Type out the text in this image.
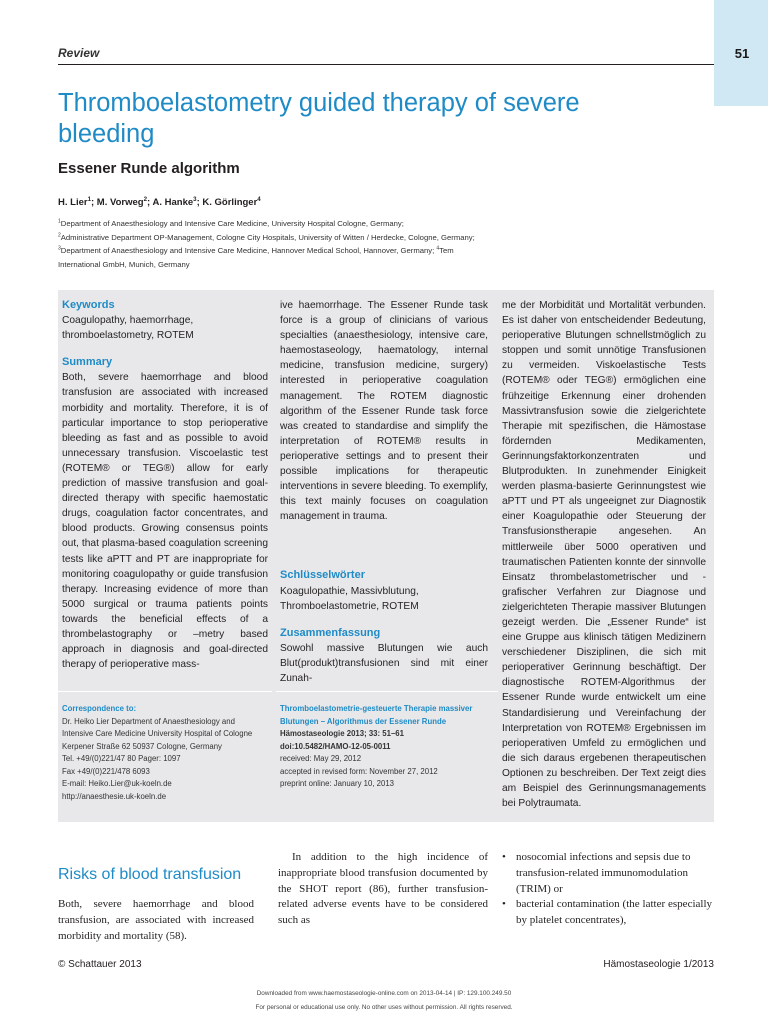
51
Review
Thromboelastometry guided therapy of severe bleeding
Essener Runde algorithm
H. Lier$^1$; M. Vorweg$^2$; A. Hanke$^3$; K. Görlinger$^4$
$^1$Department of Anaesthesiology and Intensive Care Medicine, University Hospital Cologne, Germany;
$^2$Administrative Department OP-Management, Cologne City Hospitals, University of Witten / Herdecke, Cologne, Germany; $^3$Department of Anaesthesiology and Intensive Care Medicine, Hannover Medical School, Hannover, Germany; $^4$Tem International GmbH, Munich, Germany
Keywords
Coagulopathy, haemorrhage, thromboelastometry, ROTEM
Summary
Both, severe haemorrhage and blood transfusion are associated with increased morbidity and mortality. Therefore, it is of particular importance to stop perioperative bleeding as fast and as possible to avoid unnecessary transfusion. Viscoelastic test (ROTEM® or TEG®) allow for early prediction of massive transfusion and goal-directed therapy with specific haemostatic drugs, coagulation factor concentrates, and blood products. Growing consensus points out, that plasma-based coagulation screening tests like aPTT and PT are inappropriate for monitoring coagulopathy or guide transfusion therapy. Increasing evidence of more than 5000 surgical or trauma patients points towards the beneficial effects of a thrombelastography or –metry based approach in diagnosis and goal-directed therapy of perioperative mass-
ive haemorrhage. The Essener Runde task force is a group of clinicians of various specialties (anaesthesiology, intensive care, haemostaseology, haematology, internal medicine, transfusion medicine, surgery) interested in perioperative coagulation management. The ROTEM diagnostic algorithm of the Essener Runde task force was created to standardise and simplify the interpretation of ROTEM® results in perioperative settings and to present their possible implications for therapeutic interventions in severe bleeding. To exemplify, this text mainly focuses on coagulation management in trauma.
Schlüsselwörter
Koagulopathie, Massivblutung, Thromboelastometrie, ROTEM
Zusammenfassung
Sowohl massive Blutungen wie auch Blut(produkt)transfusionen sind mit einer Zunah-
me der Morbidität und Mortalität verbunden. Es ist daher von entscheidender Bedeutung, perioperative Blutungen schnellstmöglich zu stoppen und somit unnötige Transfusionen zu vermeiden. Viskoelastische Tests (ROTEM® oder TEG®) ermöglichen eine frühzeitige Erkennung einer drohenden Massivtransfusion sowie die zielgerichtete Therapie mit spezifischen, die Hämostase fördernden Medikamenten, Gerinnungsfaktorkonzentraten und Blutprodukten. In zunehmender Einigkeit werden plasma-basierte Gerinnungstest wie aPTT und PT als ungeeignet zur Diagnostik einer Koagulopathie oder Steuerung der Transfusionstherapie angesehen. An mittlerweile über 5000 operativen und traumatischen Patienten konnte der sinnvolle Einsatz thrombelastometrischer und -grafischer Verfahren zur Diagnose und zielgerichteten Therapie massiver Blutungen gezeigt werden. Die „Essener Runde“ ist eine Gruppe aus klinisch tätigen Medizinern verschiedener Disziplinen, die sich mit perioperativer Gerinnung beschäftigt. Der diagnostische ROTEM-Algorithmus der Essener Runde wurde entwickelt um eine Standardisierung und Vereinfachung der Interpretation von ROTEM® Ergebnissen im perioperativen Umfeld zu ermöglichen und die sich daraus ergebenen therapeutischen Optionen zu beschreiben. Der Text zeigt dies am Beispiel des Gerinnungsmanagements bei Polytraumata.
Correspondence to:
Dr. Heiko Lier Department of Anaesthesiology and
Intensive Care Medicine University Hospital of Cologne
Kerpener Straße 62 50937 Cologne, Germany
Tel. +49/(0)221/47 80 Pager: 1097
Fax +49/(0)221/478 6093
E-mail: Heiko.Lier@uk-koeln.de
http://anaesthesie.uk-koeln.de
Thromboelastometrie-gesteuerte Therapie massiver Blutungen – Algorithmus der Essener Runde
Hämostaseologie 2013; 33: 51–61
doi:10.5482/HAMO-12-05-0011
received: May 29, 2012
accepted in revised form: November 27, 2012
preprint online: January 10, 2013
Risks of blood transfusion
Both, severe haemorrhage and blood transfusion, are associated with increased morbidity and mortality (58).
In addition to the high incidence of inappropriate blood transfusion documented by the SHOT report (86), further transfusion-related adverse events have to be considered such as
• nosocomial infections and sepsis due to transfusion-related immunomodulation (TRIM) or
• bacterial contamination (the latter especially by platelet concentrates),
© Schattauer 2013	Hämostaseologie 1/2013
Downloaded from www.haemostaseologie-online.com on 2013-04-14 | IP: 129.100.249.50
For personal or educational use only. No other uses without permission. All rights reserved.
